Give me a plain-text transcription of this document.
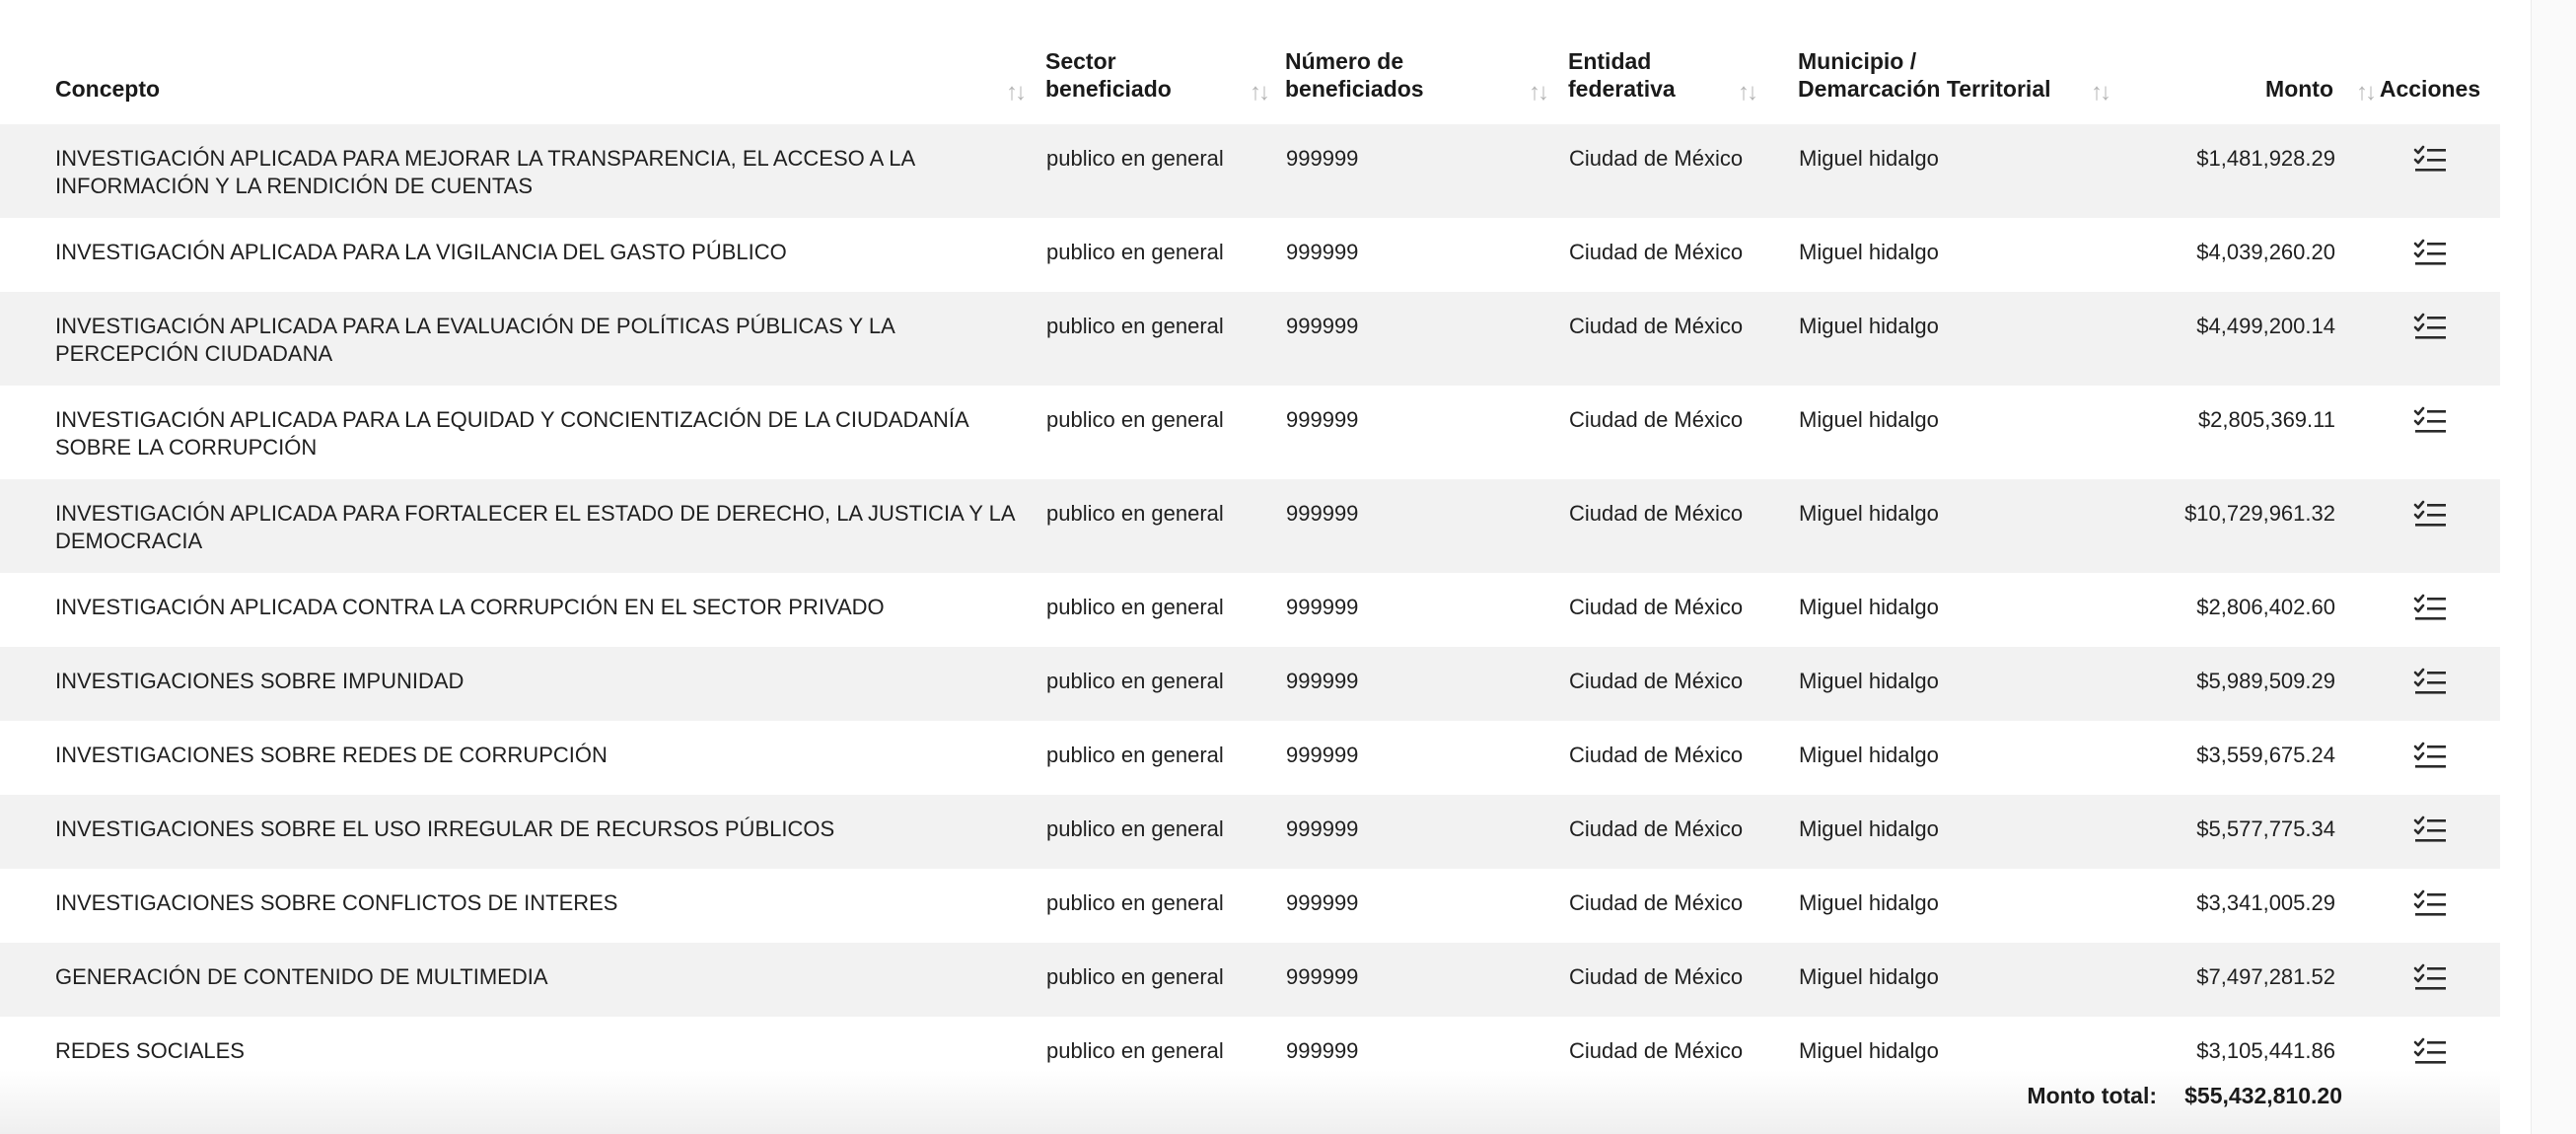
Concepto ↑↓	Sector beneficiado ↑↓	Número de beneficiados ↑↓	Entidad federativa ↑↓	Municipio / Demarcación Territorial ↑↓	Monto ↑↓	Acciones
INVESTIGACIÓN APLICADA PARA MEJORAR LA TRANSPARENCIA, EL ACCESO A LA INFORMACIÓN Y LA RENDICIÓN DE CUENTAS	publico en general	999999	Ciudad de México	Miguel hidalgo	$1,481,928.29	
INVESTIGACIÓN APLICADA PARA LA VIGILANCIA DEL GASTO PÚBLICO	publico en general	999999	Ciudad de México	Miguel hidalgo	$4,039,260.20	
INVESTIGACIÓN APLICADA PARA LA EVALUACIÓN DE POLÍTICAS PÚBLICAS Y LA PERCEPCIÓN CIUDADANA	publico en general	999999	Ciudad de México	Miguel hidalgo	$4,499,200.14	
INVESTIGACIÓN APLICADA PARA LA EQUIDAD Y CONCIENTIZACIÓN DE LA CIUDADANÍA SOBRE LA CORRUPCIÓN	publico en general	999999	Ciudad de México	Miguel hidalgo	$2,805,369.11	
INVESTIGACIÓN APLICADA PARA FORTALECER EL ESTADO DE DERECHO, LA JUSTICIA Y LA DEMOCRACIA	publico en general	999999	Ciudad de México	Miguel hidalgo	$10,729,961.32	
INVESTIGACIÓN APLICADA CONTRA LA CORRUPCIÓN EN EL SECTOR PRIVADO	publico en general	999999	Ciudad de México	Miguel hidalgo	$2,806,402.60	
INVESTIGACIONES SOBRE IMPUNIDAD	publico en general	999999	Ciudad de México	Miguel hidalgo	$5,989,509.29	
INVESTIGACIONES SOBRE REDES DE CORRUPCIÓN	publico en general	999999	Ciudad de México	Miguel hidalgo	$3,559,675.24	
INVESTIGACIONES SOBRE EL USO IRREGULAR DE RECURSOS PÚBLICOS	publico en general	999999	Ciudad de México	Miguel hidalgo	$5,577,775.34	
INVESTIGACIONES SOBRE CONFLICTOS DE INTERES	publico en general	999999	Ciudad de México	Miguel hidalgo	$3,341,005.29	
GENERACIÓN DE CONTENIDO DE MULTIMEDIA	publico en general	999999	Ciudad de México	Miguel hidalgo	$7,497,281.52	
REDES SOCIALES	publico en general	999999	Ciudad de México	Miguel hidalgo	$3,105,441.86	
Monto total: $55,432,810.20
